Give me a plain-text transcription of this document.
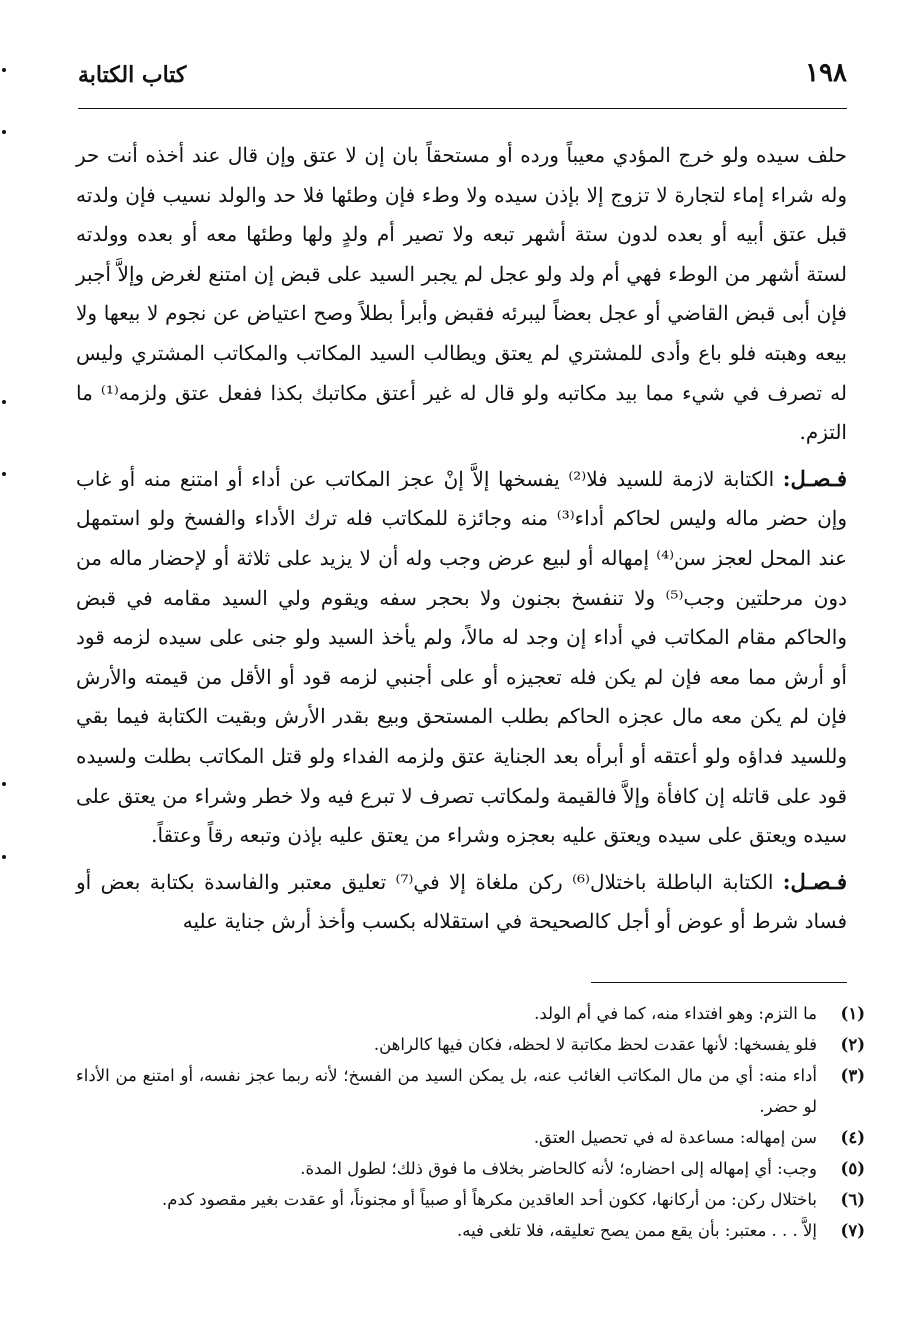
١٩٨
كتاب الكتابة

حلف سيده ولو خرج المؤدي معيباً ورده أو مستحقاً بان إن لا عتق وإن قال عند أخذه أنت حر وله شراء إماء لتجارة لا تزوج إلا بإذن سيده ولا وطء فإن وطئها فلا حد والولد نسيب فإن ولدته قبل عتق أبيه أو بعده لدون ستة أشهر تبعه ولا تصير أم ولدٍ ولها وطئها معه أو بعده وولدته لستة أشهر من الوطء فهي أم ولد ولو عجل لم يجبر السيد على قبض إن امتنع لغرض وإلاَّ أجبر فإن أبى قبض القاضي أو عجل بعضاً ليبرئه فقبض وأبرأ بطلاً وصح اعتياض عن نجوم لا بيعها ولا بيعه وهبته فلو باع وأدى للمشتري لم يعتق ويطالب السيد المكاتب والمكاتب المشتري وليس له تصرف في شيء مما بيد مكاتبه ولو قال له غير أعتق مكاتبك بكذا ففعل عتق ولزمه⁽¹⁾ ما التزم.

فـصـل: الكتابة لازمة للسيد فلا⁽²⁾ يفسخها إلاَّ إنْ عجز المكاتب عن أداء أو امتنع منه أو غاب وإن حضر ماله وليس لحاكم أداء⁽³⁾ منه وجائزة للمكاتب فله ترك الأداء والفسخ ولو استمهل عند المحل لعجز سن⁽⁴⁾ إمهاله أو لبيع عرض وجب وله أن لا يزيد على ثلاثة أو لإحضار ماله من دون مرحلتين وجب⁽⁵⁾ ولا تنفسخ بجنون ولا بحجر سفه ويقوم ولي السيد مقامه في قبض والحاكم مقام المكاتب في أداء إن وجد له مالاً، ولم يأخذ السيد ولو جنى على سيده لزمه قود أو أرش مما معه فإن لم يكن فله تعجيزه أو على أجنبي لزمه قود أو الأقل من قيمته والأرش فإن لم يكن معه مال عجزه الحاكم بطلب المستحق وبيع بقدر الأرش وبقيت الكتابة فيما بقي وللسيد فداؤه ولو أعتقه أو أبرأه بعد الجناية عتق ولزمه الفداء ولو قتل المكاتب بطلت ولسيده قود على قاتله إن كافأة وإلاَّ فالقيمة ولمكاتب تصرف لا تبرع فيه ولا خطر وشراء من يعتق على سيده ويعتق على سيده ويعتق عليه بعجزه وشراء من يعتق عليه بإذن وتبعه رقاً وعتقاً.

فـصـل: الكتابة الباطلة باختلال⁽⁶⁾ ركن ملغاة إلا في⁽⁷⁾ تعليق معتبر والفاسدة بكتابة بعض أو فساد شرط أو عوض أو أجل كالصحيحة في استقلاله بكسب وأخذ أرش جناية عليه

(١)
ما التزم: وهو افتداء منه، كما في أم الولد.
(٢)
فلو يفسخها: لأنها عقدت لحظ مكاتبة لا لحظه، فكان فيها كالراهن.
(٣)
أداء منه: أي من مال المكاتب الغائب عنه، بل يمكن السيد من الفسخ؛ لأنه ربما عجز نفسه، أو امتنع من الأداء لو حضر.
(٤)
سن إمهاله: مساعدة له في تحصيل العتق.
(٥)
وجب: أي إمهاله إلى احضاره؛ لأنه كالحاضر بخلاف ما فوق ذلك؛ لطول المدة.
(٦)
باختلال ركن: من أركانها، ككون أحد العاقدين مكرهاً أو صبياً أو مجنوناً، أو عقدت بغير مقصود كدم.
(٧)
إلاَّ . . . معتبر: بأن يقع ممن يصح تعليقه، فلا تلغى فيه.
